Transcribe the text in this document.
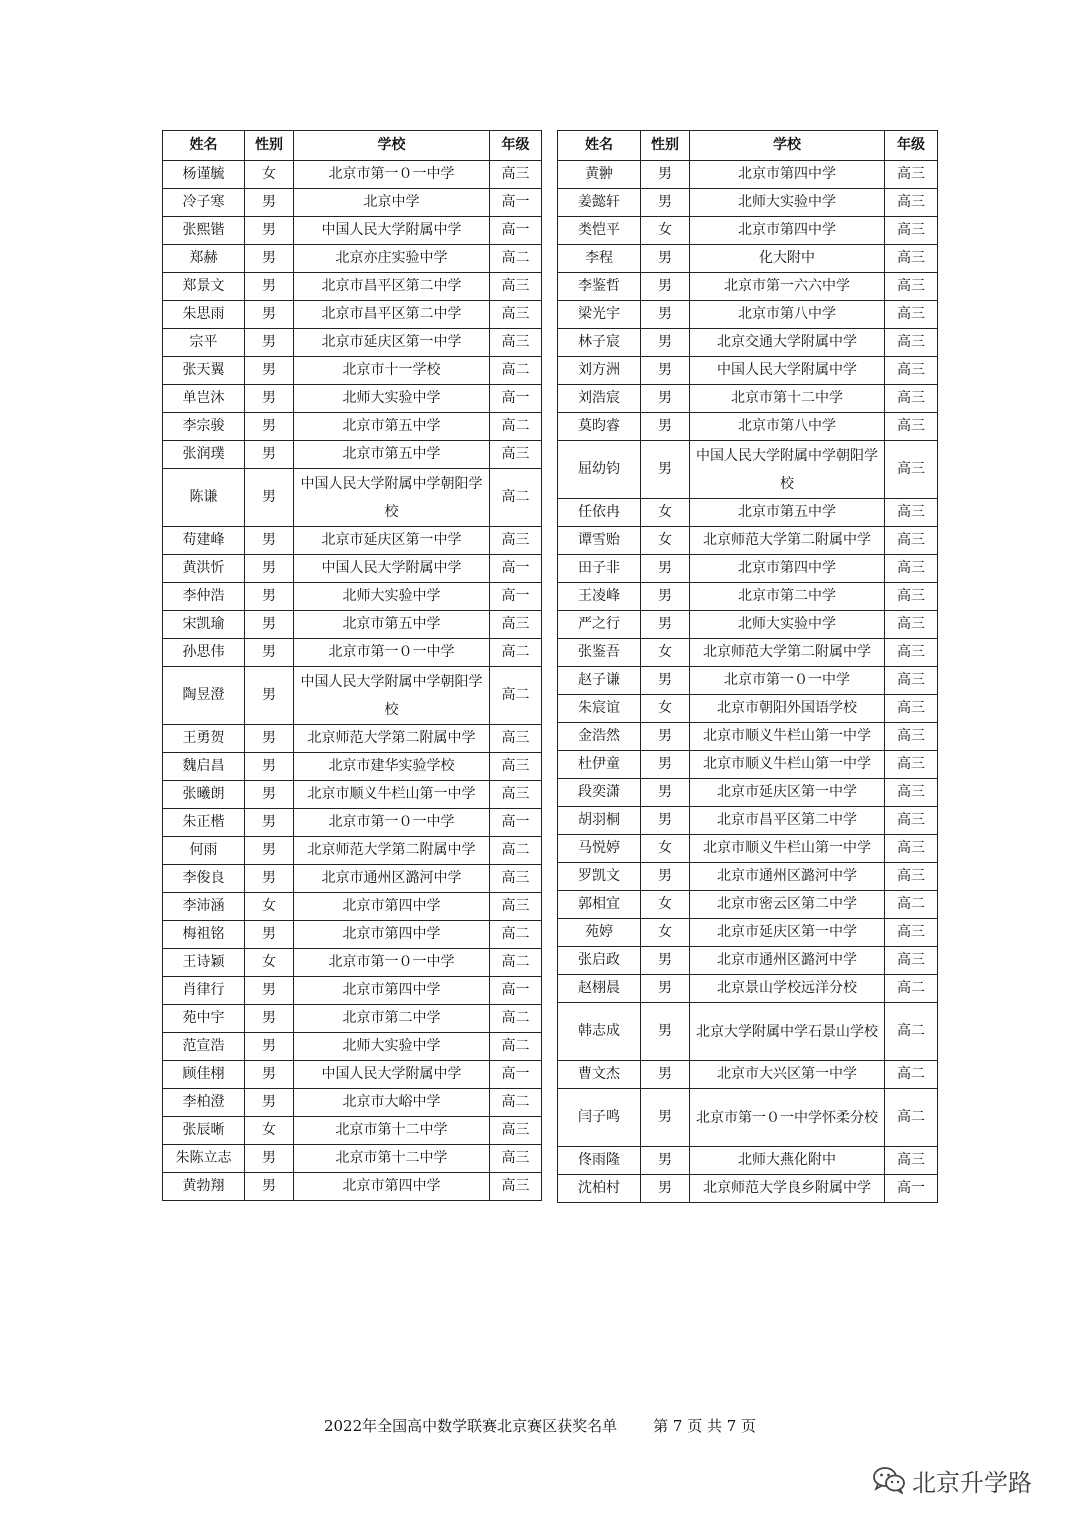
姓名	性别	学校	年级
杨谨毓	女	北京市第一０一中学	高三
冷子寒	男	北京中学	高一
张熙锴	男	中国人民大学附属中学	高一
郑赫	男	北京亦庄实验中学	高二
郑景文	男	北京市昌平区第二中学	高三
朱思雨	男	北京市昌平区第二中学	高三
宗平	男	北京市延庆区第一中学	高三
张天翼	男	北京市十一学校	高二
单岂沐	男	北师大实验中学	高一
李宗骏	男	北京市第五中学	高二
张润璞	男	北京市第五中学	高三
陈谦	男	中国人民大学附属中学朝阳学校	高二
苟建峰	男	北京市延庆区第一中学	高三
黄洪忻	男	中国人民大学附属中学	高一
李仲浩	男	北师大实验中学	高一
宋凯瑜	男	北京市第五中学	高三
孙思伟	男	北京市第一０一中学	高二
陶昱澄	男	中国人民大学附属中学朝阳学校	高二
王勇贺	男	北京师范大学第二附属中学	高三
魏启昌	男	北京市建华实验学校	高三
张曦朗	男	北京市顺义牛栏山第一中学	高三
朱正楷	男	北京市第一０一中学	高一
何雨	男	北京师范大学第二附属中学	高二
李俊良	男	北京市通州区潞河中学	高三
李沛涵	女	北京市第四中学	高三
梅祖铭	男	北京市第四中学	高二
王诗颖	女	北京市第一０一中学	高二
肖律行	男	北京市第四中学	高一
苑中宇	男	北京市第二中学	高二
范宣浩	男	北师大实验中学	高二
顾佳栩	男	中国人民大学附属中学	高一
李柏澄	男	北京市大峪中学	高二
张辰晰	女	北京市第十二中学	高三
朱陈立志	男	北京市第十二中学	高三
黄勃翔	男	北京市第四中学	高三
姓名	性别	学校	年级
黄翀	男	北京市第四中学	高三
姜懿轩	男	北师大实验中学	高三
类恺平	女	北京市第四中学	高三
李程	男	化大附中	高三
李鉴哲	男	北京市第一六六中学	高三
梁光宇	男	北京市第八中学	高三
林子宸	男	北京交通大学附属中学	高三
刘方洲	男	中国人民大学附属中学	高三
刘浩宸	男	北京市第十二中学	高三
莫昀睿	男	北京市第八中学	高三
屈幼钧	男	中国人民大学附属中学朝阳学校	高三
任依冉	女	北京市第五中学	高三
谭雪贻	女	北京师范大学第二附属中学	高三
田子非	男	北京市第四中学	高三
王凌峰	男	北京市第二中学	高三
严之行	男	北师大实验中学	高三
张鉴吾	女	北京师范大学第二附属中学	高三
赵子谦	男	北京市第一０一中学	高三
朱宸谊	女	北京市朝阳外国语学校	高三
金浩然	男	北京市顺义牛栏山第一中学	高三
杜伊童	男	北京市顺义牛栏山第一中学	高三
段奕潇	男	北京市延庆区第一中学	高三
胡羽桐	男	北京市昌平区第二中学	高三
马悦婷	女	北京市顺义牛栏山第一中学	高三
罗凯文	男	北京市通州区潞河中学	高三
郭相宜	女	北京市密云区第二中学	高二
苑婷	女	北京市延庆区第一中学	高三
张启政	男	北京市通州区潞河中学	高三
赵栩晨	男	北京景山学校远洋分校	高二
韩志成	男	北京大学附属中学石景山学校	高二
曹文杰	男	北京市大兴区第一中学	高二
闫子鸣	男	北京市第一０一中学怀柔分校	高二
佟雨隆	男	北师大燕化附中	高三
沈柏村	男	北京师范大学良乡附属中学	高一
2022年全国高中数学联赛北京赛区获奖名单 第 7 页 共 7 页
北京升学路
